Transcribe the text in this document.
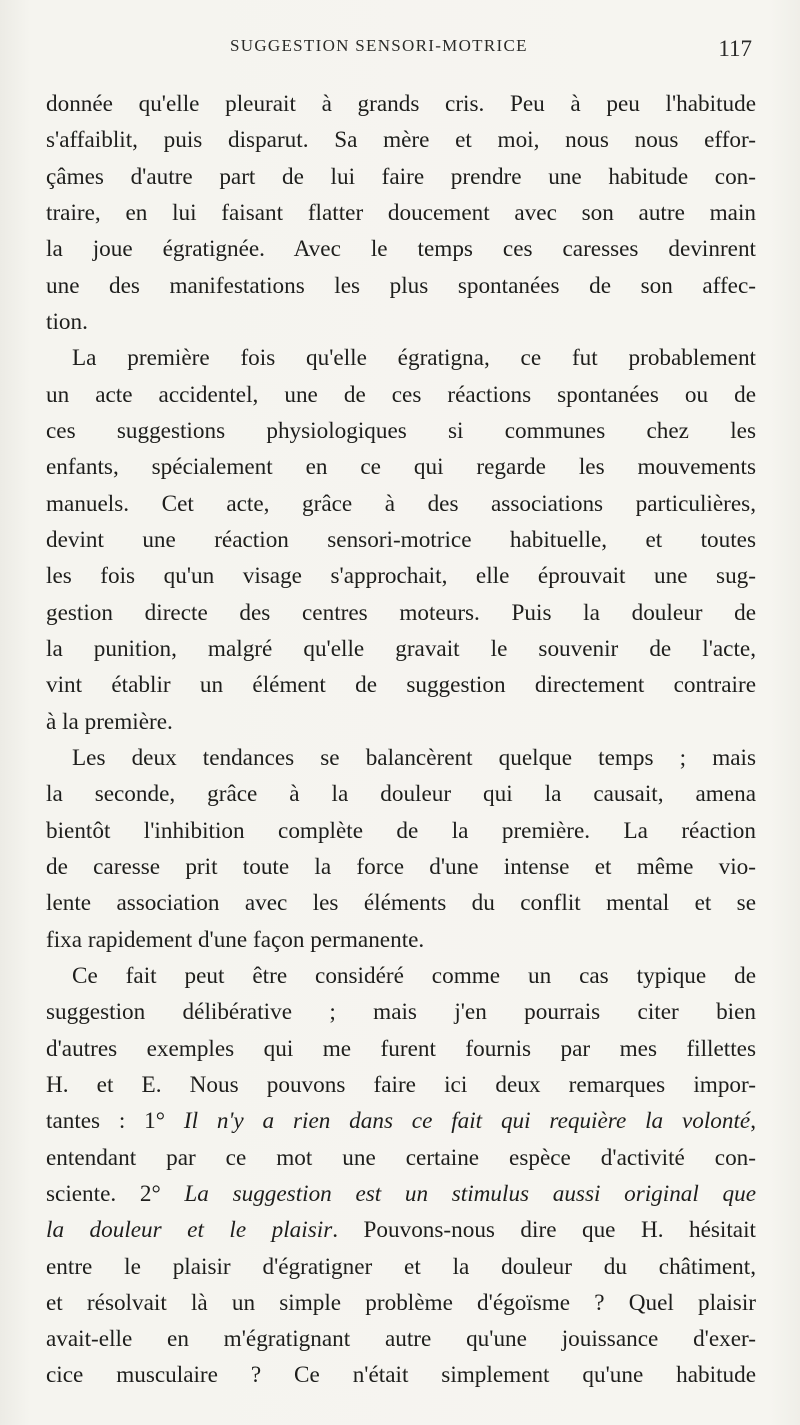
SUGGESTION SENSORI-MOTRICE	117
donnée qu'elle pleurait à grands cris. Peu à peu l'habitude
s'affaiblit, puis disparut. Sa mère et moi, nous nous effor-
çâmes d'autre part de lui faire prendre une habitude con-
traire, en lui faisant flatter doucement avec son autre main
la joue égratignée. Avec le temps ces caresses devinrent
une des manifestations les plus spontanées de son affec-
tion.
La première fois qu'elle égratigna, ce fut probablement
un acte accidentel, une de ces réactions spontanées ou de
ces suggestions physiologiques si communes chez les
enfants, spécialement en ce qui regarde les mouvements
manuels. Cet acte, grâce à des associations particulières,
devint une réaction sensori-motrice habituelle, et toutes
les fois qu'un visage s'approchait, elle éprouvait une sug-
gestion directe des centres moteurs. Puis la douleur de
la punition, malgré qu'elle gravait le souvenir de l'acte,
vint établir un élément de suggestion directement contraire
à la première.
Les deux tendances se balancèrent quelque temps ; mais
la seconde, grâce à la douleur qui la causait, amena
bientôt l'inhibition complète de la première. La réaction
de caresse prit toute la force d'une intense et même vio-
lente association avec les éléments du conflit mental et se
fixa rapidement d'une façon permanente.
Ce fait peut être considéré comme un cas typique de
suggestion délibérative ; mais j'en pourrais citer bien
d'autres exemples qui me furent fournis par mes fillettes
H. et E. Nous pouvons faire ici deux remarques impor-
tantes : 1° Il n'y a rien dans ce fait qui requière la volonté,
entendant par ce mot une certaine espèce d'activité con-
sciente. 2° La suggestion est un stimulus aussi original que
la douleur et le plaisir. Pouvons-nous dire que H. hésitait
entre le plaisir d'égratigner et la douleur du châtiment,
et résolvait là un simple problème d'égoïsme ? Quel plaisir
avait-elle en m'égratignant autre qu'une jouissance d'exer-
cice musculaire ? Ce n'était simplement qu'une habitude
